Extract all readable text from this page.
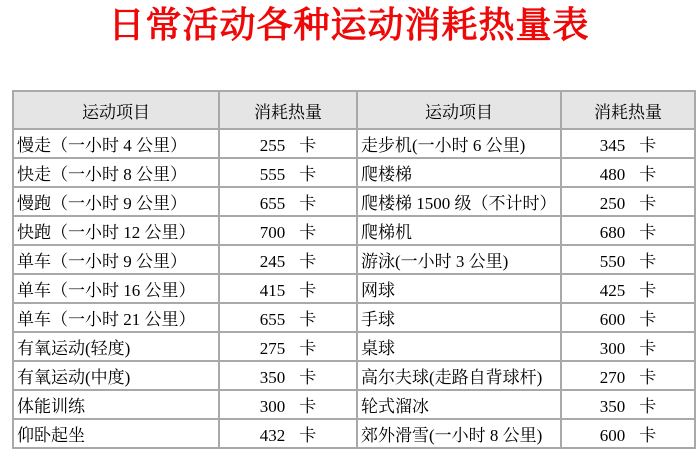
日常活动各种运动消耗热量表
运动项目	消耗热量	运动项目	消耗热量
慢走（一小时 4 公里）	255 卡	走步机(一小时 6 公里)	345 卡
快走（一小时 8 公里）	555 卡	爬楼梯	480 卡
慢跑（一小时 9 公里）	655 卡	爬楼梯 1500 级（不计时）	250 卡
快跑（一小时 12 公里）	700 卡	爬梯机	680 卡
单车（一小时 9 公里）	245 卡	游泳(一小时 3 公里)	550 卡
单车（一小时 16 公里）	415 卡	网球	425 卡
单车（一小时 21 公里）	655 卡	手球	600 卡
有氧运动(轻度)	275 卡	桌球	300 卡
有氧运动(中度)	350 卡	高尔夫球(走路自背球杆)	270 卡
体能训练	300 卡	轮式溜冰	350 卡
仰卧起坐	432 卡	郊外滑雪(一小时 8 公里)	600 卡
